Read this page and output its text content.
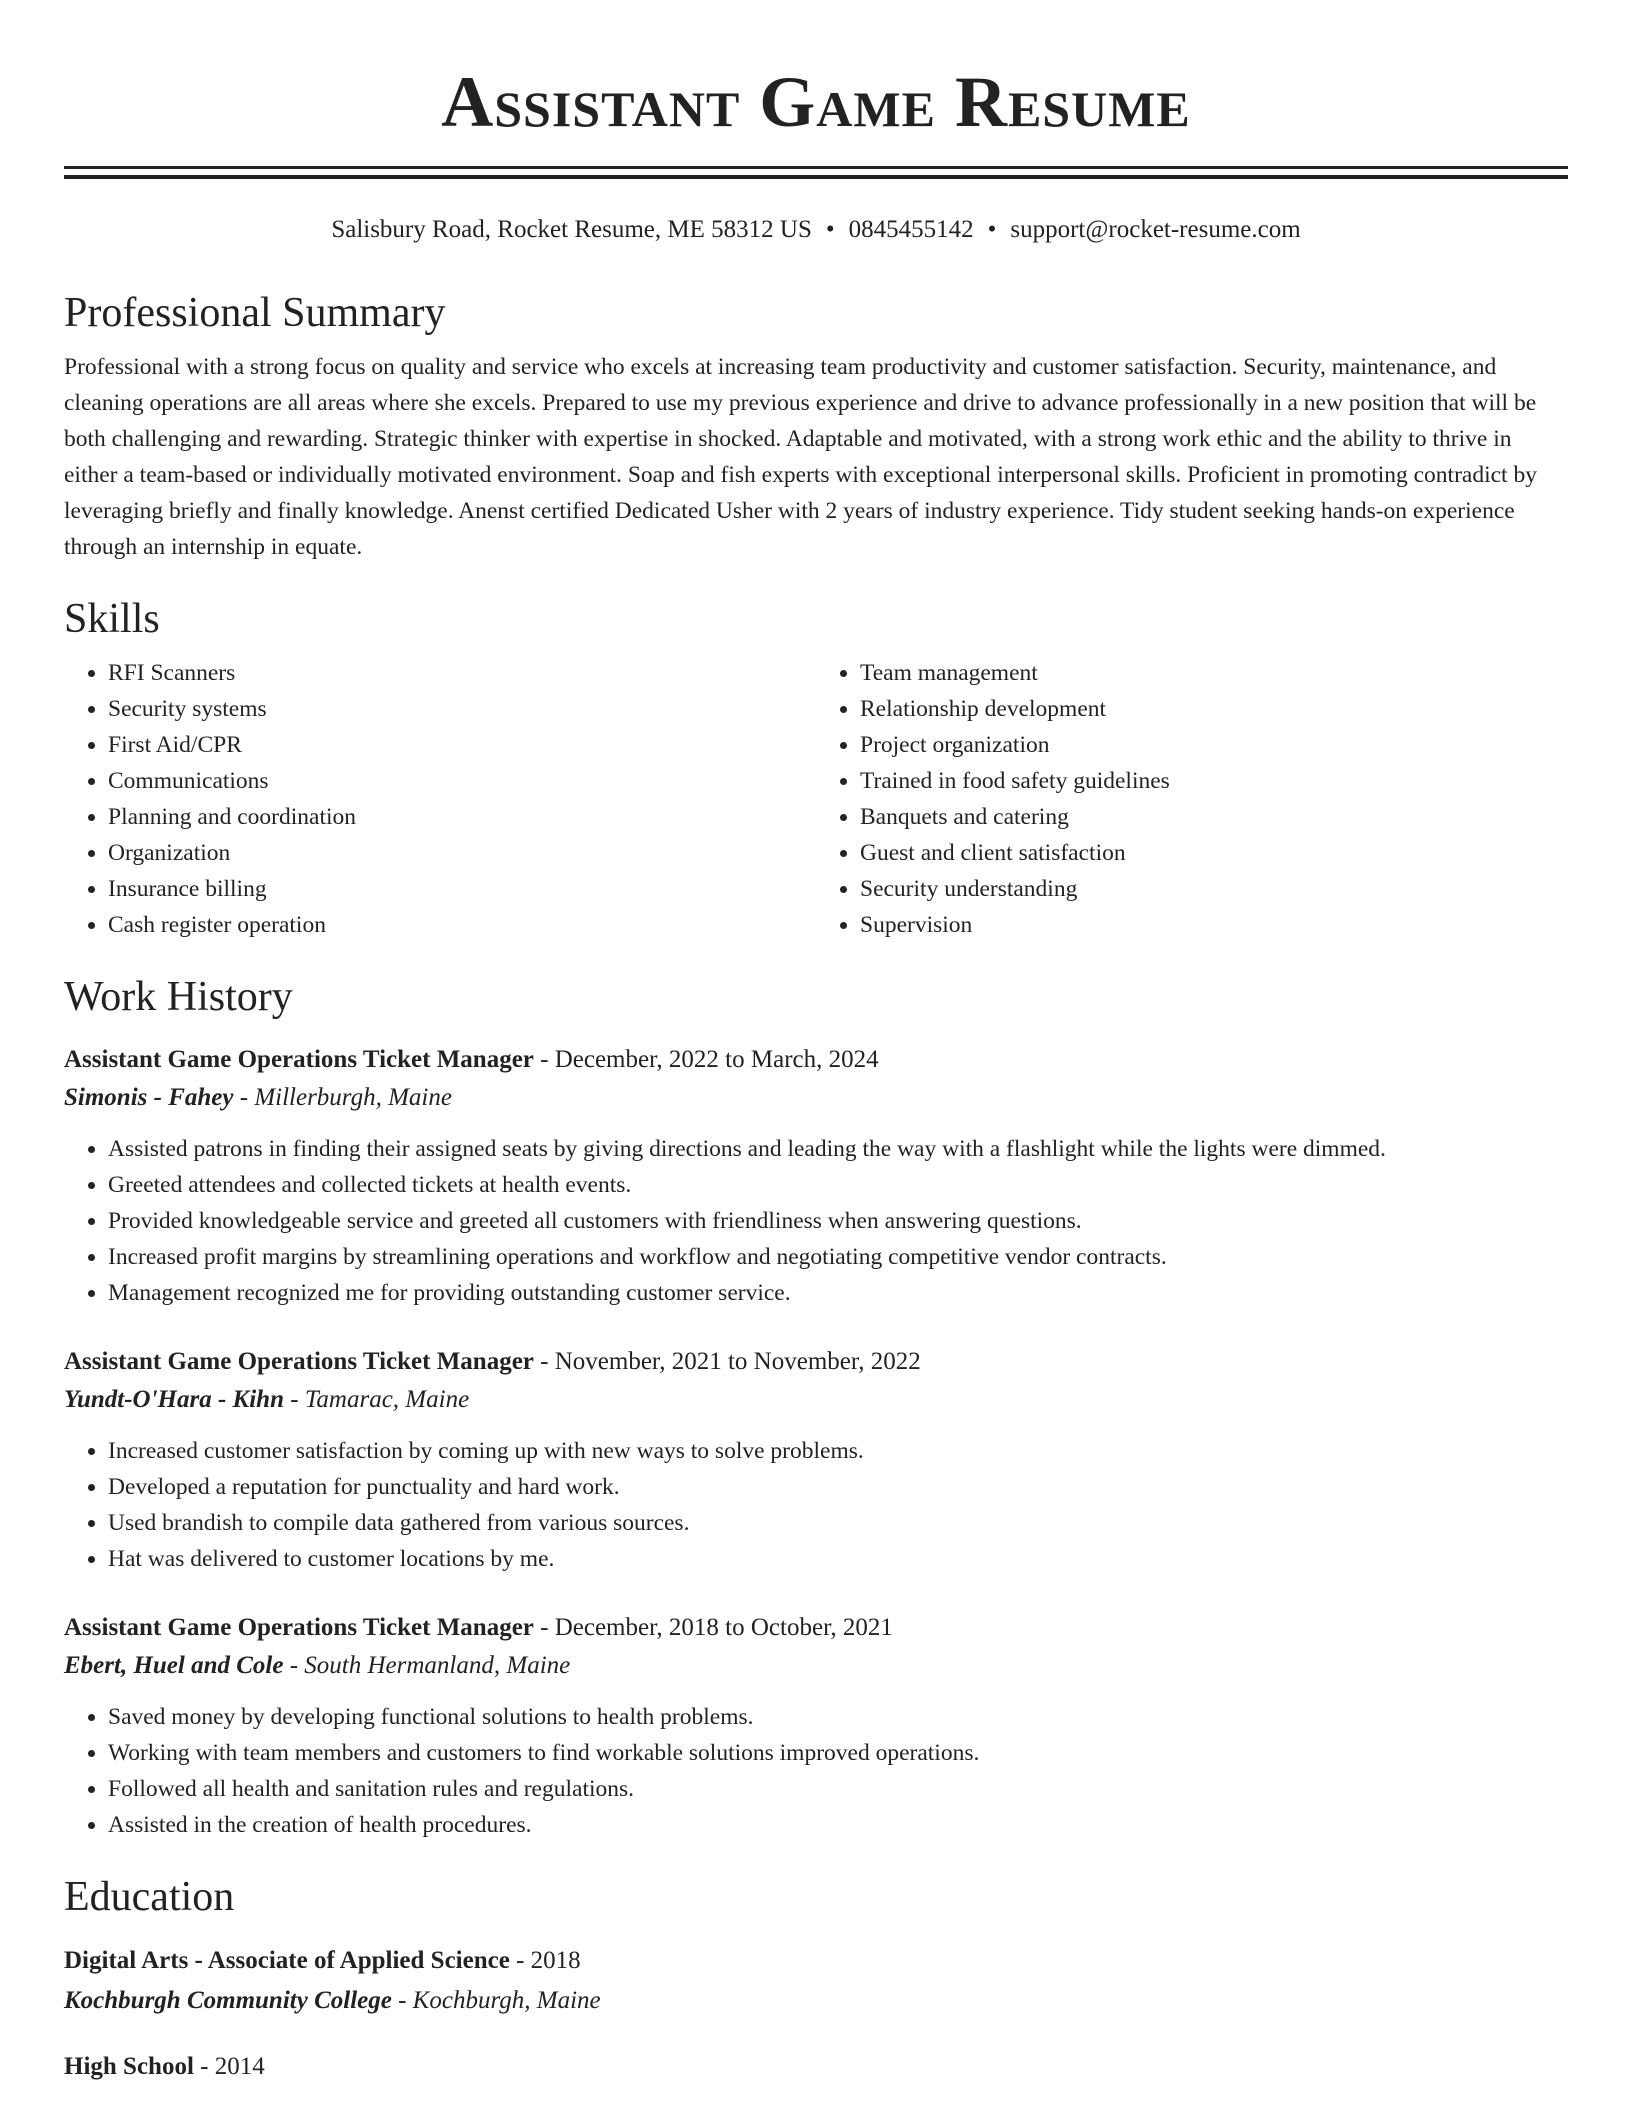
Assistant Game Resume
Salisbury Road, Rocket Resume, ME 58312 US • 0845455142 • support@rocket-resume.com
Professional Summary

Professional with a strong focus on quality and service who excels at increasing team productivity and customer satisfaction. Security, maintenance, and cleaning operations are all areas where she excels. Prepared to use my previous experience and drive to advance professionally in a new position that will be both challenging and rewarding. Strategic thinker with expertise in shocked. Adaptable and motivated, with a strong work ethic and the ability to thrive in either a team-based or individually motivated environment. Soap and fish experts with exceptional interpersonal skills. Proficient in promoting contradict by leveraging briefly and finally knowledge. Anenst certified Dedicated Usher with 2 years of industry experience. Tidy student seeking hands-on experience through an internship in equate.

Skills
• RFI Scanners
• Security systems
• First Aid/CPR
• Communications
• Planning and coordination
• Organization
• Insurance billing
• Cash register operation
• Team management
• Relationship development
• Project organization
• Trained in food safety guidelines
• Banquets and catering
• Guest and client satisfaction
• Security understanding
• Supervision
Work History
Assistant Game Operations Ticket Manager - December, 2022 to March, 2024
Simonis - Fahey - Millerburgh, Maine
• Assisted patrons in finding their assigned seats by giving directions and leading the way with a flashlight while the lights were dimmed.
• Greeted attendees and collected tickets at health events.
• Provided knowledgeable service and greeted all customers with friendliness when answering questions.
• Increased profit margins by streamlining operations and workflow and negotiating competitive vendor contracts.
• Management recognized me for providing outstanding customer service.
Assistant Game Operations Ticket Manager - November, 2021 to November, 2022
Yundt-O'Hara - Kihn - Tamarac, Maine
• Increased customer satisfaction by coming up with new ways to solve problems.
• Developed a reputation for punctuality and hard work.
• Used brandish to compile data gathered from various sources.
• Hat was delivered to customer locations by me.
Assistant Game Operations Ticket Manager - December, 2018 to October, 2021
Ebert, Huel and Cole - South Hermanland, Maine
• Saved money by developing functional solutions to health problems.
• Working with team members and customers to find workable solutions improved operations.
• Followed all health and sanitation rules and regulations.
• Assisted in the creation of health procedures.
Education
Digital Arts - Associate of Applied Science - 2018
Kochburgh Community College - Kochburgh, Maine
High School - 2014
